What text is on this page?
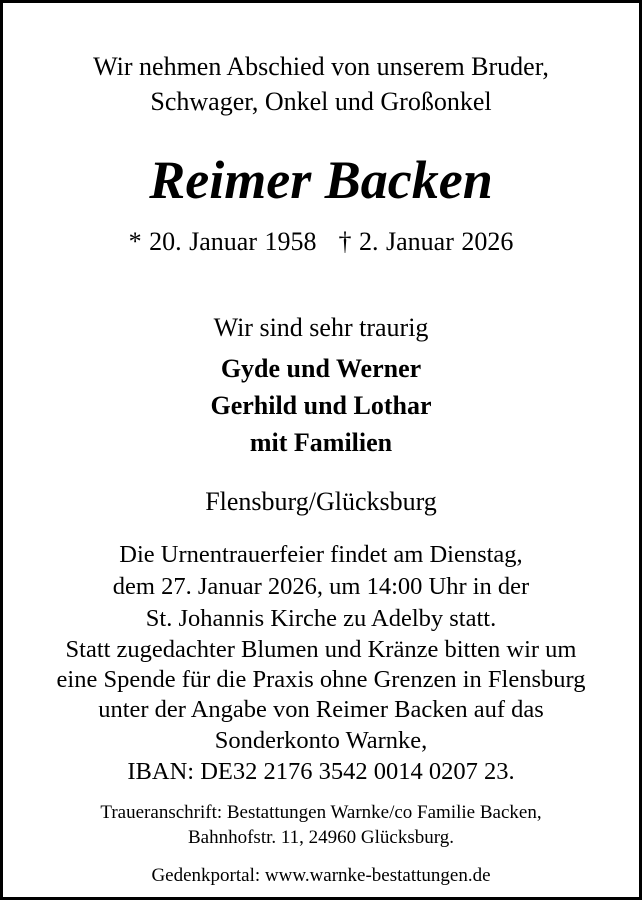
Wir nehmen Abschied von unserem Bruder,
Schwager, Onkel und Großonkel
Reimer Backen
* 20. Januar 1958 † 2. Januar 2026
Wir sind sehr traurig
Gyde und Werner
Gerhild und Lothar
mit Familien
Flensburg/Glücksburg
Die Urnentrauerfeier findet am Dienstag,
dem 27. Januar 2026, um 14:00 Uhr in der
St. Johannis Kirche zu Adelby statt.
Statt zugedachter Blumen und Kränze bitten wir um
eine Spende für die Praxis ohne Grenzen in Flensburg
unter der Angabe von Reimer Backen auf das
Sonderkonto Warnke,
IBAN: DE32 2176 3542 0014 0207 23.
Traueranschrift: Bestattungen Warnke/co Familie Backen,
Bahnhofstr. 11, 24960 Glücksburg.
Gedenkportal: www.warnke-bestattungen.de
